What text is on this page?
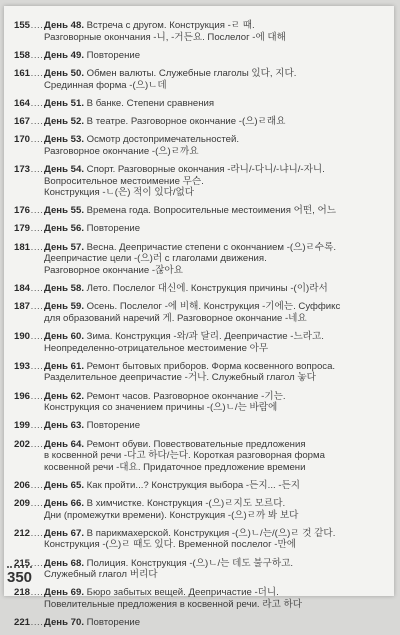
155 .... День 48. Встреча с другом. Конструкция -ㄹ 때.
Разговорные окончания -니, -거든요. Послелог -에 대해
158 .... День 49. Повторение
161 .... День 50. Обмен валюты. Служебные глаголы 있다, 지다.
Срединная форма -(으)ㄴ데
164 .... День 51. В банке. Степени сравнения
167 .... День 52. В театре. Разговорное окончание -(으)ㄹ래요
170 .... День 53. Осмотр достопримечательностей.
Разговорное окончание -(으)ㄹ까요
173 .... День 54. Спорт. Разговорные окончания -라니/-다니/-냐니/-자니.
Вопросительное местоимение 무슨.
Конструкция -ㄴ(은) 적이 있다/없다
176 .... День 55. Времена года. Вопросительные местоимения 어떤, 어느
179 .... День 56. Повторение
181 .... День 57. Весна. Деепричастие степени с окончанием -(으)ㄹ수록.
Деепричастие цели -(으)러 с глаголами движения.
Разговорное окончание -잖아요
184 .... День 58. Лето. Послелог 대신에. Конструкция причины -(이)라서
187 .... День 59. Осень. Послелог -에 비해. Конструкция -기에는. Суффикс
для образований наречий 게. Разговорное окончание -네요
190 .... День 60. Зима. Конструкция -와/과 달리. Деепричастие -느라고.
Неопределенно-отрицательное местоимение 아무
193 .... День 61. Ремонт бытовых приборов. Форма косвенного вопроса.
Разделительное деепричастие -거나. Служебный глагол 놓다
196 .... День 62. Ремонт часов. Разговорное окончание -기는.
Конструкция со значением причины -(으)ㄴ/는 바람에
199 .... День 63. Повторение
202 .... День 64. Ремонт обуви. Повествовательные предложения
в косвенной речи -다고 하다/는다. Короткая разговорная форма
косвенной речи -대요. Придаточное предложение времени
206 .... День 65. Как пройти...? Конструкция выбора -든지... -든지
209 .... День 66. В химчистке. Конструкция -(으)ㄹ지도 모르다.
Дни (промежутки времени). Конструкция -(으)ㄹ까 봐 보다
212 .... День 67. В парикмахерской. Конструкция -(으)ㄴ/는/(으)ㄹ 것 같다.
Конструкция -(으)ㄹ 때도 있다. Временной послелог -만에
215 .... День 68. Полиция. Конструкция -(으)ㄴ/는 데도 불구하고.
Служебный глагол 버리다
218 .... День 69. Бюро забытых вещей. Деепричастие -더니.
Повелительные предложения в косвенной речи. 라고 하다
221 .... День 70. Повторение
350
